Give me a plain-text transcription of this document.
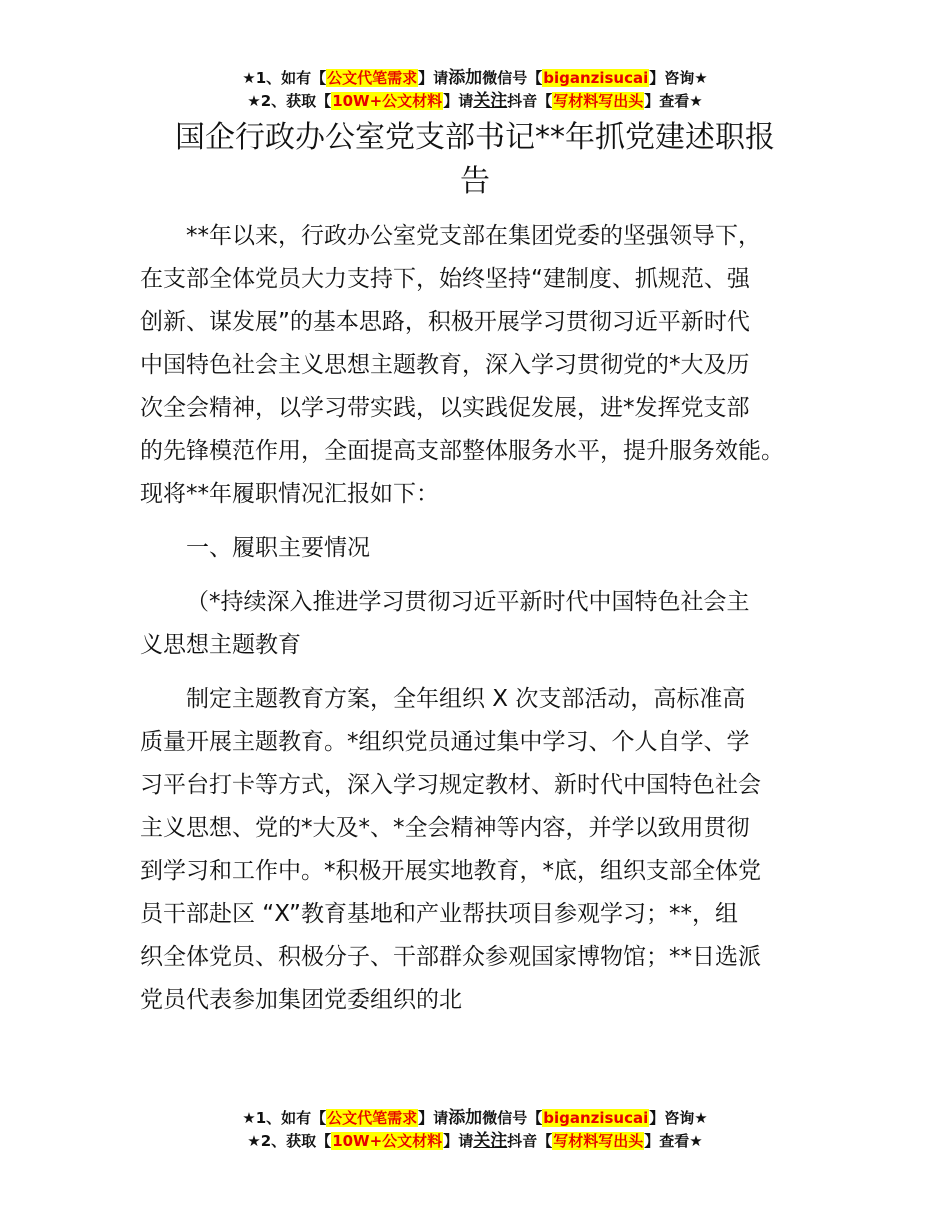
★1、如有【公文代笔需求】请添加微信号【biganzisucai】咨询★
★2、获取【10W+公文材料】请关注抖音【写材料写出头】查看★
国企行政办公室党支部书记**年抓党建述职报
告

**年以来，行政办公室党支部在集团党委的坚强领导下，
在支部全体党员大力支持下，始终坚持“建制度、抓规范、强
创新、谋发展”的基本思路，积极开展学习贯彻习近平新时代
中国特色社会主义思想主题教育，深入学习贯彻党的*大及历
次全会精神，以学习带实践，以实践促发展，进*发挥党支部
的先锋模范作用，全面提高支部整体服务水平，提升服务效能。
现将**年履职情况汇报如下：

一、履职主要情况

（*持续深入推进学习贯彻习近平新时代中国特色社会主
义思想主题教育

制定主题教育方案，全年组织 X 次支部活动，高标准高
质量开展主题教育。*组织党员通过集中学习、个人自学、学
习平台打卡等方式，深入学习规定教材、新时代中国特色社会
主义思想、党的*大及*、*全会精神等内容，并学以致用贯彻
到学习和工作中。*积极开展实地教育，*底，组织支部全体党
员干部赴区 “X”教育基地和产业帮扶项目参观学习；**，组
织全体党员、积极分子、干部群众参观国家博物馆；**日选派
党员代表参加集团党委组织的北

★1、如有【公文代笔需求】请添加微信号【biganzisucai】咨询★
★2、获取【10W+公文材料】请关注抖音【写材料写出头】查看★
